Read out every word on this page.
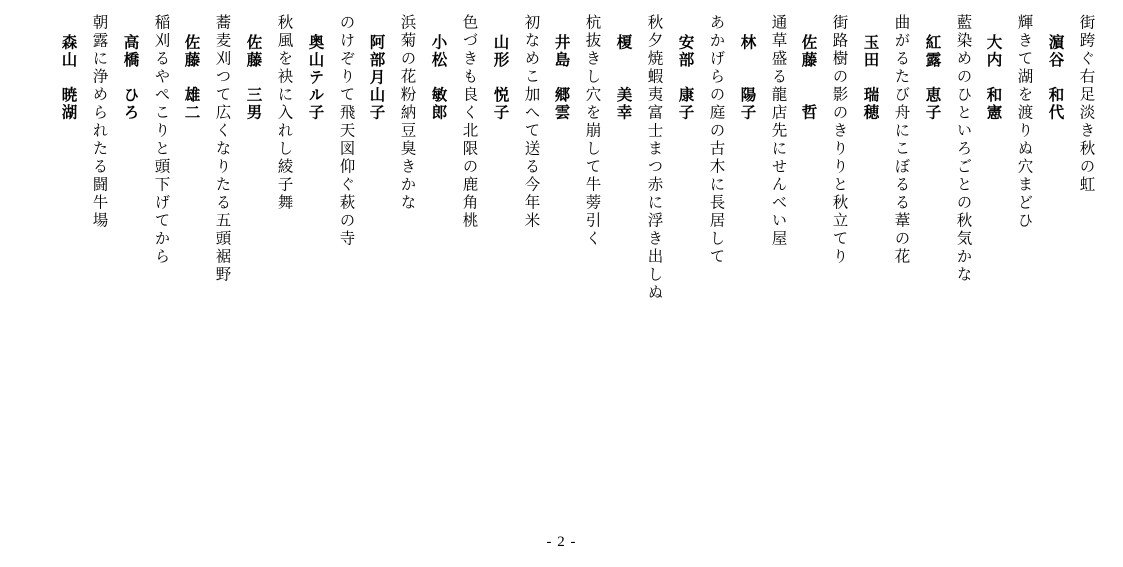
街跨ぐ右足淡き秋の虹
濵谷　和代
輝きて湖を渡りぬ穴まどひ
大内　和憲
藍染めのひといろごとの秋気かな
紅露　恵子
曲がるたび舟にこぼるる葦の花
玉田　瑞穂
街路樹の影のきりりと秋立てり
佐藤　　哲
通草盛る龍店先にせんべい屋
林　　陽子
あかげらの庭の古木に長居して
安部　康子
秋夕焼蝦夷富士まつ赤に浮き出しぬ
榎　　美幸
杭抜きし穴を崩して牛蒡引く
井島　郷雲
初なめこ加へて送る今年米
山形　悦子
色づきも良く北限の鹿角桃
小松　敏郎
浜菊の花粉納豆臭きかな
阿部月山子
のけぞりて飛天図仰ぐ萩の寺
奥山テル子
秋風を袂に入れし綾子舞
佐藤　三男
蕎麦刈つて広くなりたる五頭裾野
佐藤　雄二
稲刈るやぺこりと頭下げてから
高橋　ひろ
朝露に浄められたる闘牛場
森山　暁湖
- 2 -
